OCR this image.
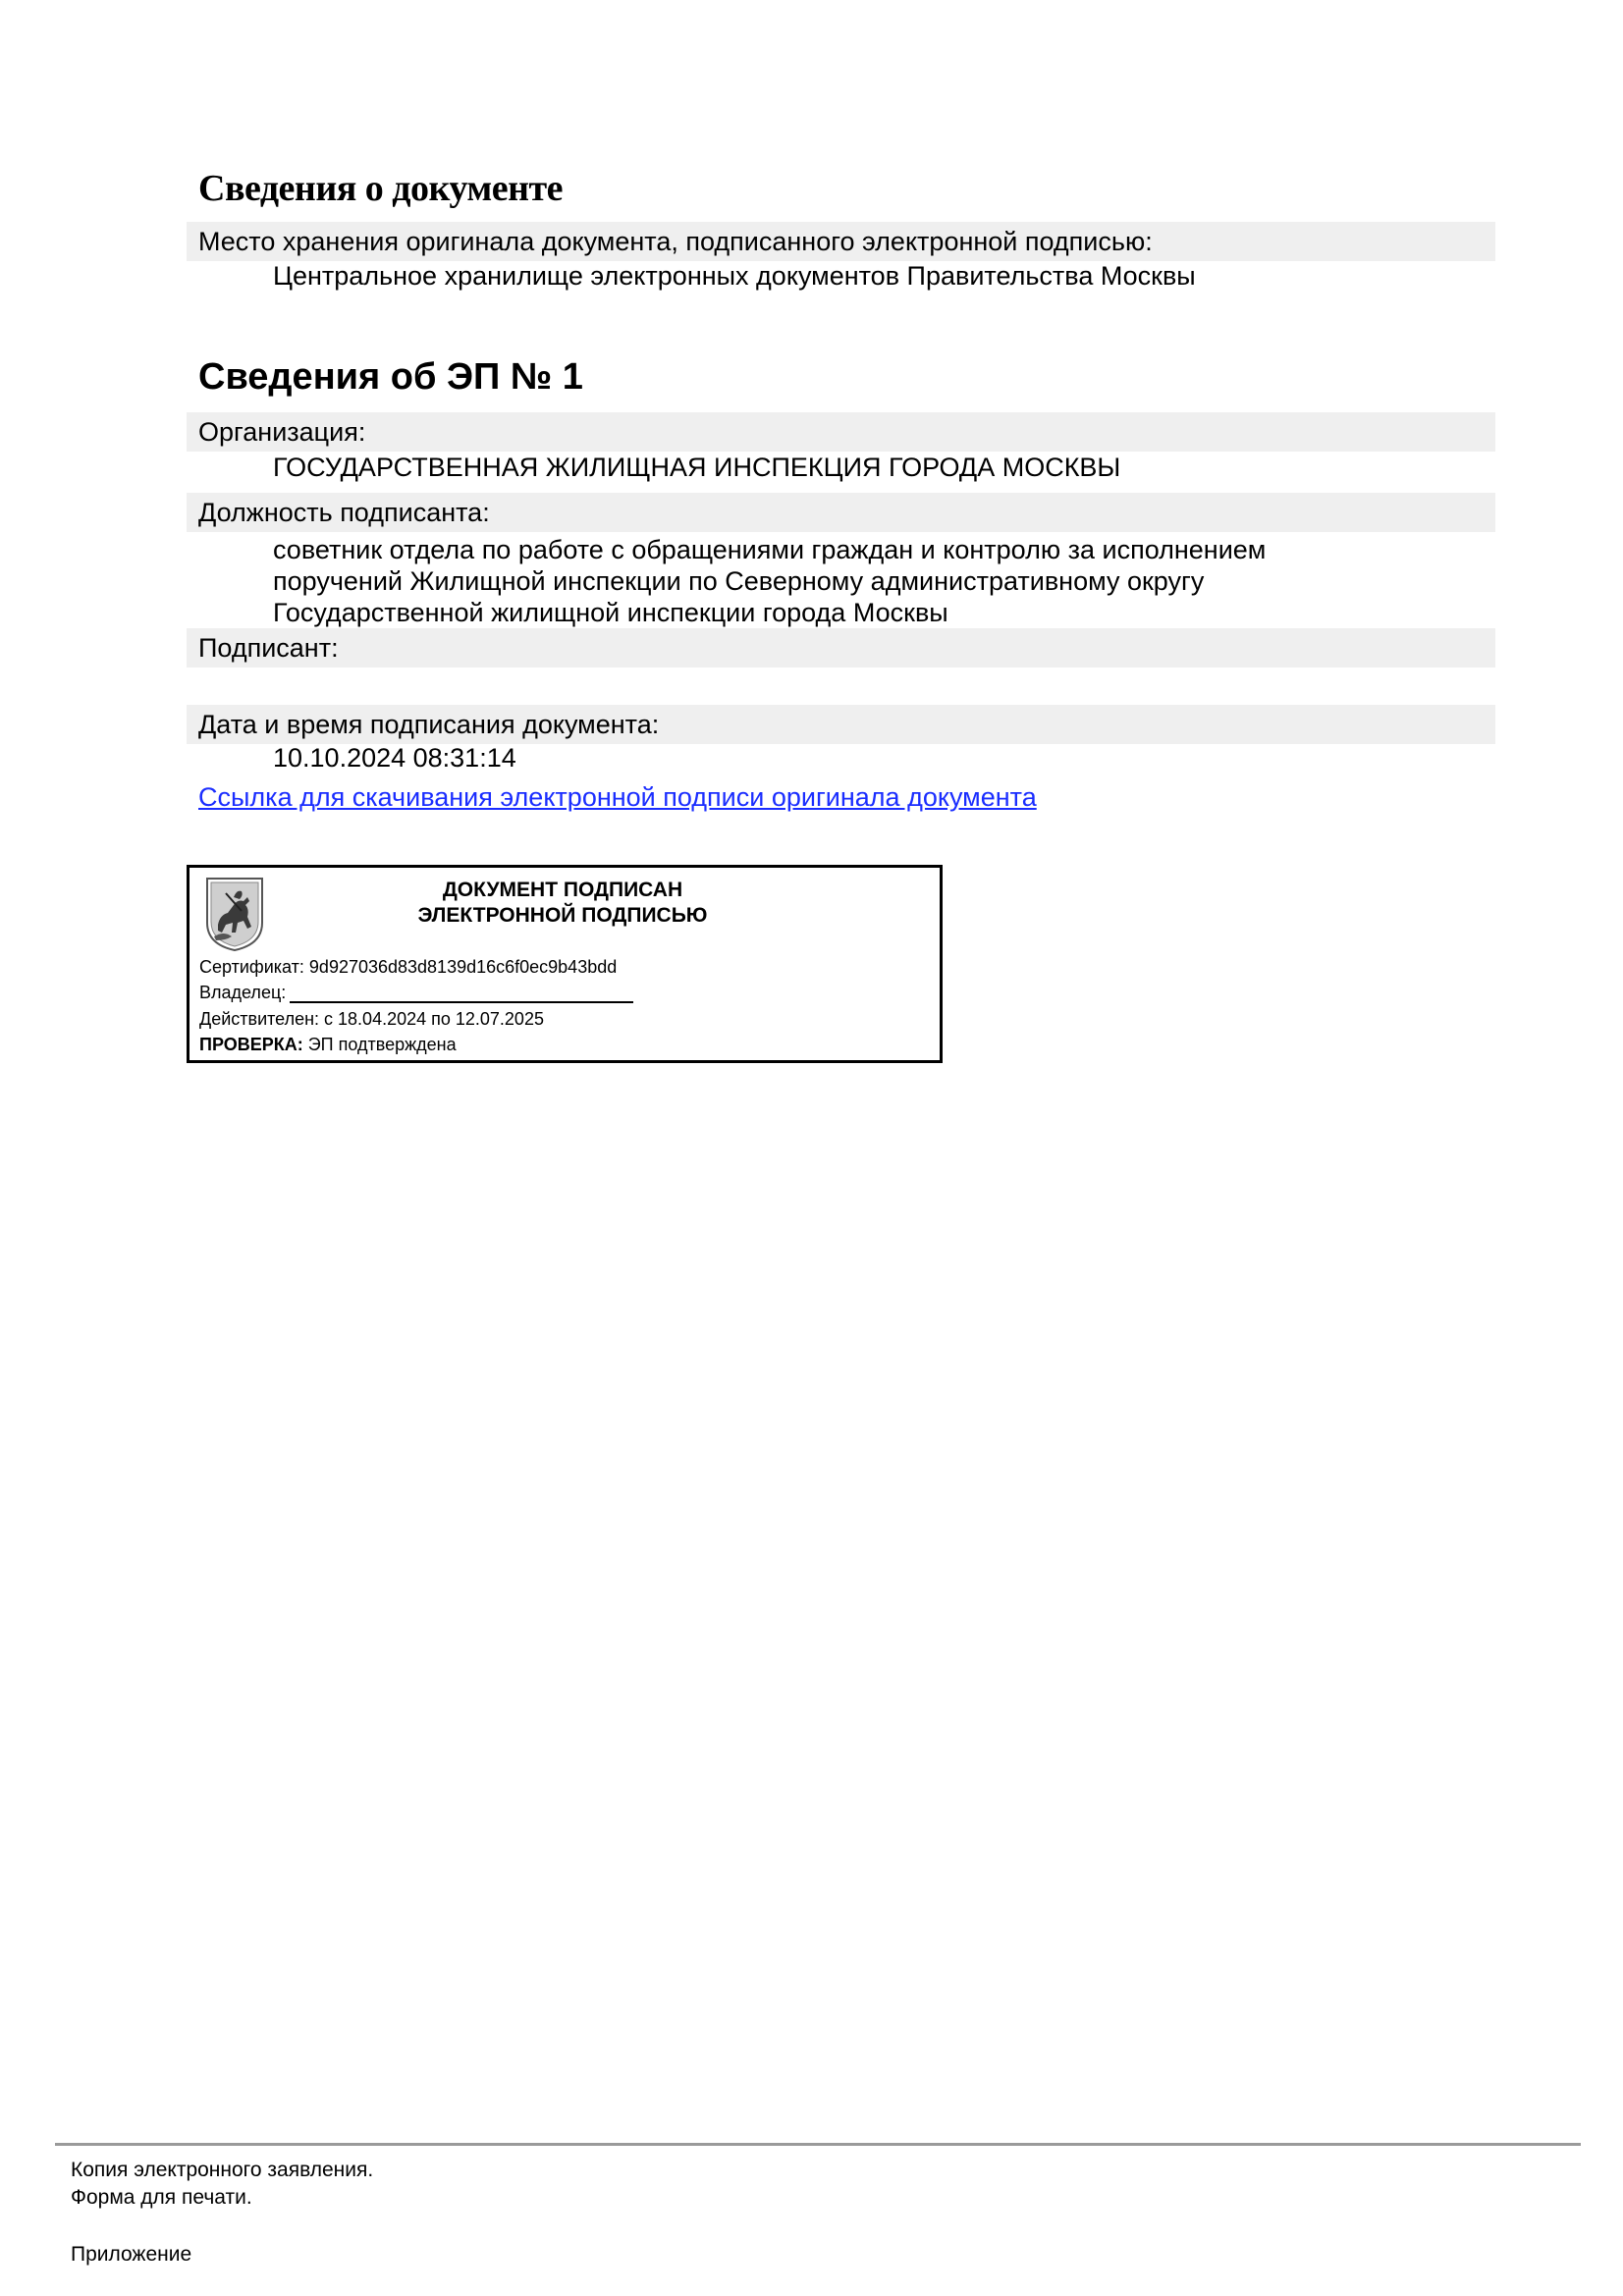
Сведения о документе
Место хранения оригинала документа, подписанного электронной подписью:
Центральное хранилище электронных документов Правительства Москвы
Сведения об ЭП № 1
Организация:
ГОСУДАРСТВЕННАЯ ЖИЛИЩНАЯ ИНСПЕКЦИЯ ГОРОДА МОСКВЫ
Должность подписанта:
советник отдела по работе с обращениями граждан и контролю за исполнением
поручений Жилищной инспекции по Северному административному округу
Государственной жилищной инспекции города Москвы
Подписант:
Дата и время подписания документа:
10.10.2024 08:31:14
Ссылка для скачивания электронной подписи оригинала документа
ДОКУМЕНТ ПОДПИСАН
ЭЛЕКТРОННОЙ ПОДПИСЬЮ
Сертификат: 9d927036d83d8139d16c6f0ec9b43bdd
Владелец:
Действителен: с 18.04.2024 по 12.07.2025
ПРОВЕРКА: ЭП подтверждена
Копия электронного заявления.
Форма для печати.
Приложение
